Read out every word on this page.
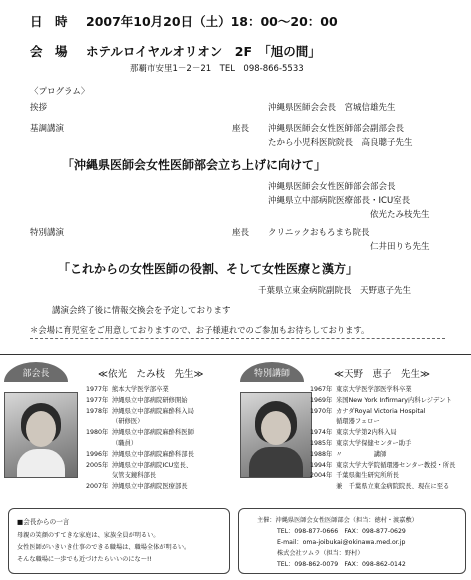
日　時 2007年10月20日（土）18：00～20：00
会　場 ホテルロイヤルオリオン　2F　「旭の間」
那覇市安里1－2－21　TEL　098-866-5533
〈プログラム〉
挨拶	沖縄県医師会会長　宮城信雄先生
基調講演	座長 沖縄県医師会女性医師部会副部会長
たから小児科医院院長　高良聰子先生
「沖縄県医師会女性医師部会立ち上げに向けて」
沖縄県医師会女性医師部会部会長
沖縄県立中部病院医療部長・ICU室長
依光たみ枝先生
特別講演	座長 クリニックおもろまち院長
仁井田りち先生
「これからの女性医師の役割、そして女性医療と漢方」
千葉県立東金病院副院長　天野恵子先生
講演会終了後に情報交換会を予定しております
＊会場に育児室をご用意しておりますので、お子様連れでのご参加もお待ちしております。
部会長	≪依光　たみ枝　先生≫
1977年 熊本大学医学部卒業
1977年 沖縄県立中部病院研修開始
1978年 沖縄県立中部病院麻酔科入局
（研修医）
1980年 沖縄県立中部病院麻酔科医師
（職員）
1996年 沖縄県立中部病院麻酔科部長
2005年 沖縄県立中部病院ICU室長、
気管支鏡科部長
2007年 沖縄県立中部病院医療部長
特別講師	≪天野　恵子　先生≫
1967年 東京大学医学部医学科卒業
1969年 米国New York Infirmary内科レジデント
1970年 カナダRoyal Victoria Hospital
循環器フェロー
1974年 東京大学第2内科入局
1985年 東京大学保健センター助手
1988年 〃　　　　　講師
1994年 東京大学大学院循環器センター教授・所長
2004年 千葉県衛生研究所所長
兼　千葉県立東金病院院長、現在に至る
■会長からの一言
母親の笑顔のすてきな家庭は、家族全員が明るい。
女性医師がいきいき仕事のできる職場は、職場全体が明るい。
そんな職場に一歩でも近づけたらいいのにな～!!
主催：沖縄県医師会女性医師部会（担当：徳村・渡嘉敷）
TEL：098-877-0666　FAX：098-877-0629
E-mail：oma-joibukai@okinawa.med.or.jp
株式会社ツムラ（担当：野村）
TEL：098-862-0079　FAX：098-862-0142
